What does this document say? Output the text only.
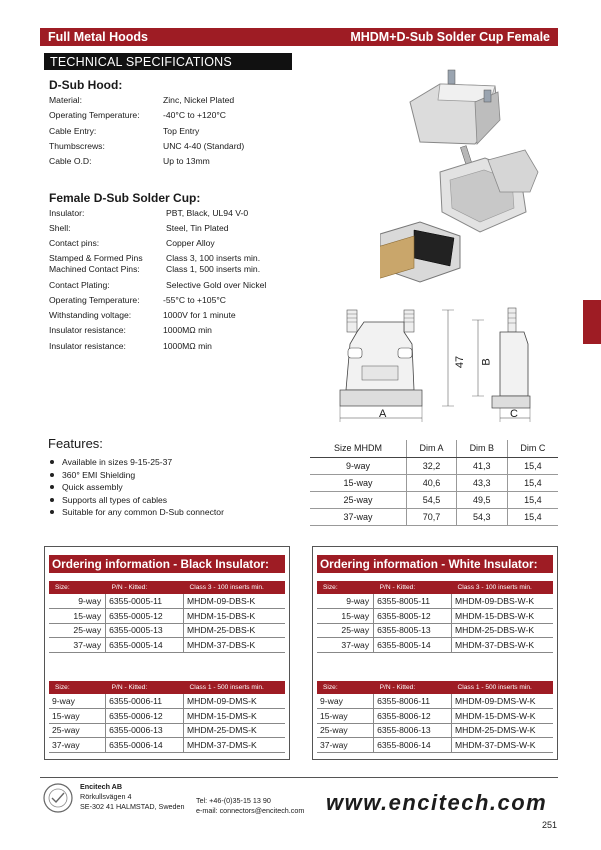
Full Metal Hoods	MHDM+D-Sub Solder Cup Female
TECHNICAL SPECIFICATIONS
D-Sub Hood:
Material:	Zinc, Nickel Plated
Operating Temperature:	-40°C to +120°C
Cable Entry:	Top Entry
Thumbscrews:	UNC 4-40 (Standard)
Cable O.D:	Up to 13mm
Female D-Sub Solder Cup:
Insulator:	PBT, Black, UL94 V-0
Shell:	Steel, Tin Plated
Contact pins:	Copper Alloy
Stamped & Formed Pins	Class 3, 100 inserts min.
Machined Contact Pins:	Class 1, 500 inserts min.
Contact Plating:	Selective Gold over Nickel
Operating Temperature:	-55°C to +105°C
Withstanding voltage:	1000V for 1 minute
Insulator resistance:	1000MΩ min
Insulator resistance:	1000MΩ min
A
47 B
C
Features:
Available in sizes 9-15-25-37
360° EMI Shielding
Quick assembly
Supports all types of cables
Suitable for any common D-Sub connector
Size MHDM	Dim A	Dim B	Dim C
9-way	32,2	41,3	15,4
15-way	40,6	43,3	15,4
25-way	54,5	49,5	15,4
37-way	70,7	54,3	15,4
Ordering information - Black Insulator:
Size:	P/N - Kitted:	Class 3 - 100 inserts min.
9-way	6355-0005-11	MHDM-09-DBS-K
15-way	6355-0005-12	MHDM-15-DBS-K
25-way	6355-0005-13	MHDM-25-DBS-K
37-way	6355-0005-14	MHDM-37-DBS-K
Size:	P/N - Kitted:	Class 1 - 500 inserts min.
9-way	6355-0006-11	MHDM-09-DMS-K
15-way	6355-0006-12	MHDM-15-DMS-K
25-way	6355-0006-13	MHDM-25-DMS-K
37-way	6355-0006-14	MHDM-37-DMS-K
Ordering information - White Insulator:
Size:	P/N - Kitted:	Class 3 - 100 inserts min.
9-way	6355-8005-11	MHDM-09-DBS-W-K
15-way	6355-8005-12	MHDM-15-DBS-W-K
25-way	6355-8005-13	MHDM-25-DBS-W-K
37-way	6355-8005-14	MHDM-37-DBS-W-K
Size:	P/N - Kitted:	Class 1 - 500 inserts min.
9-way	6355-8006-11	MHDM-09-DMS-W-K
15-way	6355-8006-12	MHDM-15-DMS-W-K
25-way	6355-8006-13	MHDM-25-DMS-W-K
37-way	6355-8006-14	MHDM-37-DMS-W-K
Encitech AB
Rörkullsvägen 4
SE-302 41 HALMSTAD, Sweden
Tel: +46-(0)35-15 13 90
e-mail: connectors@encitech.com www.encitech.com
251
